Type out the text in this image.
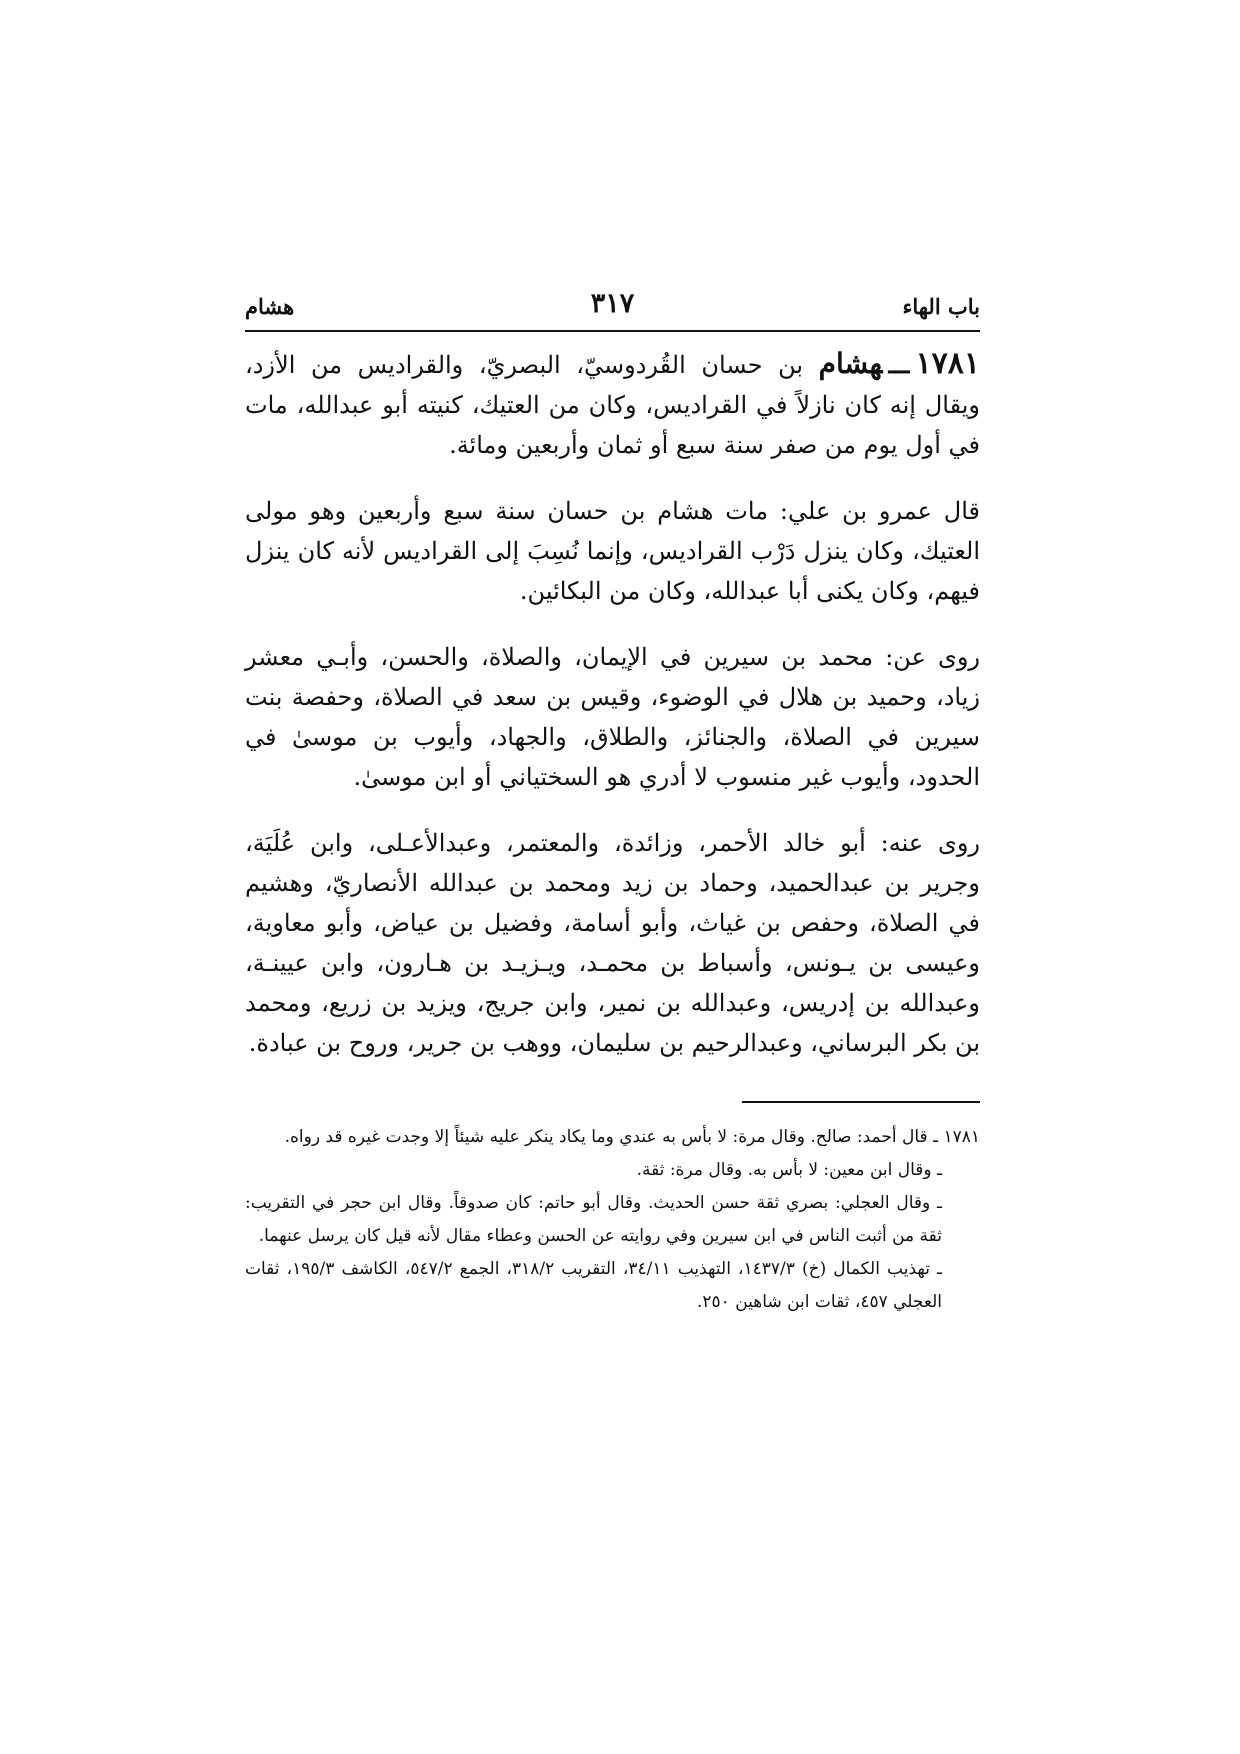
باب الهاء
٣١٧
هشام

١٧٨١ـــهشام بن حسان القُردوسيّ، البصريّ، والقراديس من الأزد، ويقال إنه كان نازلاً في القراديس، وكان من العتيك، كنيته أبو عبدالله، مات في أول يوم من صفر سنة سبع أو ثمان وأربعين ومائة.

قال عمرو بن علي: مات هشام بن حسان سنة سبع وأربعين وهو مولى العتيك، وكان ينزل دَرْب القراديس، وإنما نُسِبَ إلى القراديس لأنه كان ينزل فيهم، وكان يكنى أبا عبدالله، وكان من البكائين.

روى عن: محمد بن سيرين في الإيمان، والصلاة، والحسن، وأبـي معشر زياد، وحميد بن هلال في الوضوء، وقيس بن سعد في الصلاة، وحفصة بنت سيرين في الصلاة، والجنائز، والطلاق، والجهاد، وأيوب بن موسىٰ في الحدود، وأيوب غير منسوب لا أدري هو السختياني أو ابن موسىٰ.

روى عنه: أبو خالد الأحمر، وزائدة، والمعتمر، وعبدالأعـلى، وابن عُلَيَة، وجرير بن عبدالحميد، وحماد بن زيد ومحمد بن عبدالله الأنصاريّ، وهشيم في الصلاة، وحفص بن غياث، وأبو أسامة، وفضيل بن عياض، وأبو معاوية، وعيسى بن يـونس، وأسباط بن محمـد، ويـزيـد بن هـارون، وابن عيينـة، وعبدالله بن إدريس، وعبدالله بن نمير، وابن جريج، ويزيد بن زريع، ومحمد بن بكر البرساني، وعبدالرحيم بن سليمان، ووهب بن جرير، وروح بن عبادة.

١٧٨١ ـ قال أحمد: صالح. وقال مرة: لا بأس به عندي وما يكاد ينكر عليه شيئاً إلا وجدت غيره قد رواه.

ـ وقال ابن معين: لا بأس به. وقال مرة: ثقة.

ـ وقال العجلي: بصري ثقة حسن الحديث. وقال أبو حاتم: كان صدوقاً. وقال ابن حجر في التقريب: ثقة من أثبت الناس في ابن سيرين وفي روايته عن الحسن وعطاء مقال لأنه قيل كان يرسل عنهما.

ـ تهذيب الكمال (خ) ١٤٣٧/٣، التهذيب ٣٤/١١، التقريب ٣١٨/٢، الجمع ٥٤٧/٢، الكاشف ١٩٥/٣، ثقات العجلي ٤٥٧، ثقات ابن شاهين ٢٥٠.
